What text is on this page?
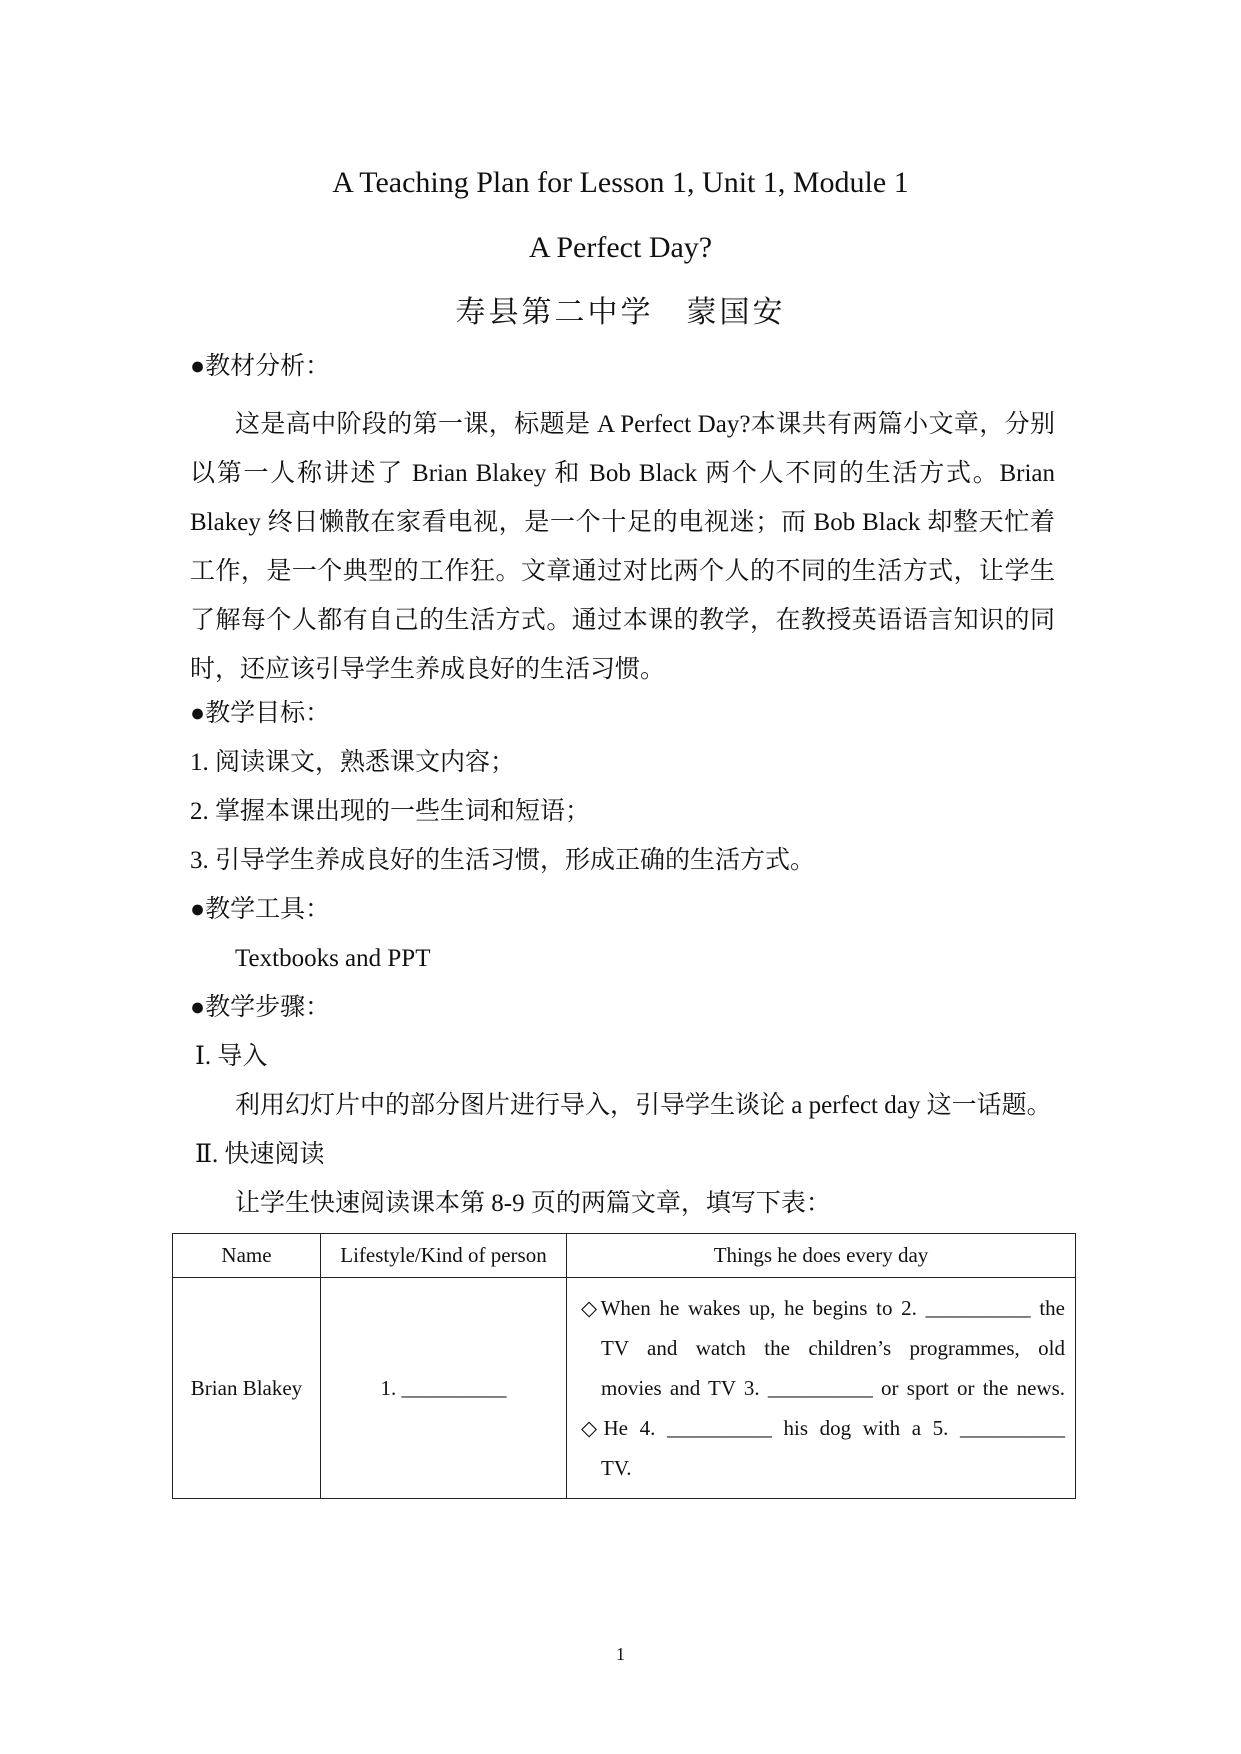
A Teaching Plan for Lesson 1, Unit 1, Module 1
A Perfect Day?
寿县第二中学　蒙国安
●教材分析：
这是高中阶段的第一课，标题是 A Perfect Day?本课共有两篇小文章，分别以第一人称讲述了 Brian Blakey 和 Bob Black 两个人不同的生活方式。Brian Blakey 终日懒散在家看电视，是一个十足的电视迷；而 Bob Black 却整天忙着工作，是一个典型的工作狂。文章通过对比两个人的不同的生活方式，让学生了解每个人都有自己的生活方式。通过本课的教学，在教授英语语言知识的同时，还应该引导学生养成良好的生活习惯。
●教学目标：
1. 阅读课文，熟悉课文内容；
2. 掌握本课出现的一些生词和短语；
3. 引导学生养成良好的生活习惯，形成正确的生活方式。
●教学工具：
Textbooks and PPT
●教学步骤：
Ⅰ. 导入
利用幻灯片中的部分图片进行导入，引导学生谈论 a perfect day 这一话题。
Ⅱ. 快速阅读
让学生快速阅读课本第 8-9 页的两篇文章，填写下表：
Name	Lifestyle/Kind of person	Things he does every day
Brian Blakey	1. __________	◇When he wakes up, he begins to 2. __________ the
TV and watch the children’s programmes, old
movies and TV 3. __________ or sport or the news.
◇He 4. __________ his dog with a 5. __________
TV.
1
